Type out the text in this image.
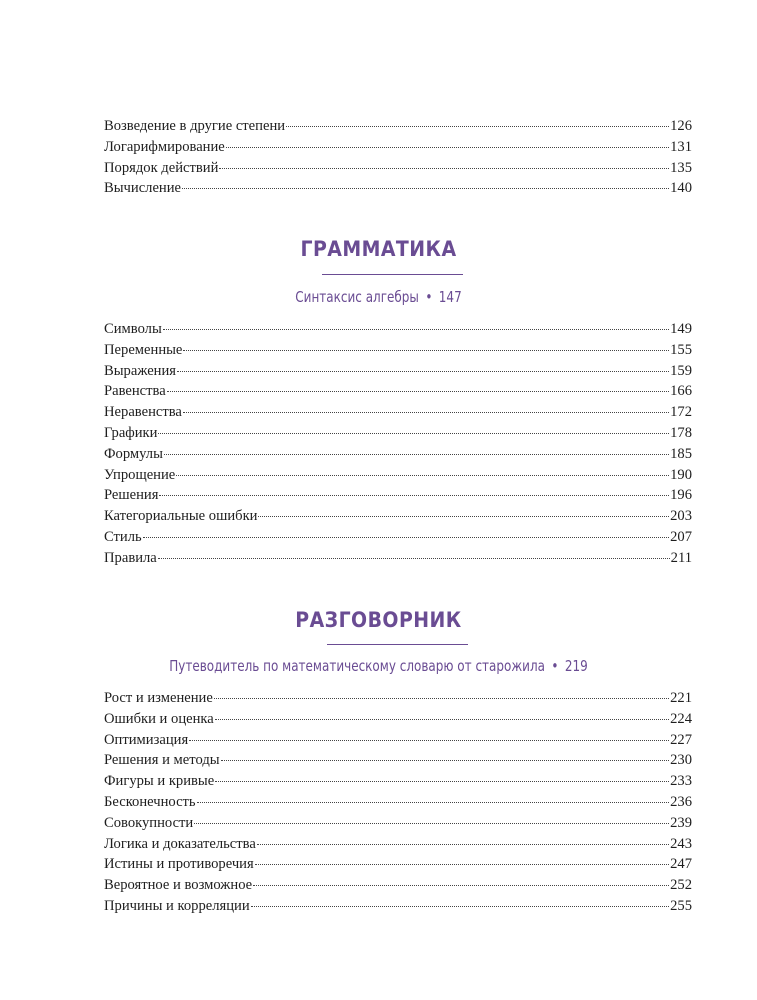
Возведение в другие степени	126
Логарифмирование	131
Порядок действий	135
Вычисление	140
ГРАММАТИКА

Синтаксис алгебры • 147

Символы	149
Переменные	155
Выражения	159
Равенства	166
Неравенства	172
Графики	178
Формулы	185
Упрощение	190
Решения	196
Категориальные ошибки	203
Стиль	207
Правила	211
РАЗГОВОРНИК

Путеводитель по математическому словарю от старожила • 219

Рост и изменение	221
Ошибки и оценка	224
Оптимизация	227
Решения и методы	230
Фигуры и кривые	233
Бесконечность	236
Совокупности	239
Логика и доказательства	243
Истины и противоречия	247
Вероятное и возможное	252
Причины и корреляции	255
